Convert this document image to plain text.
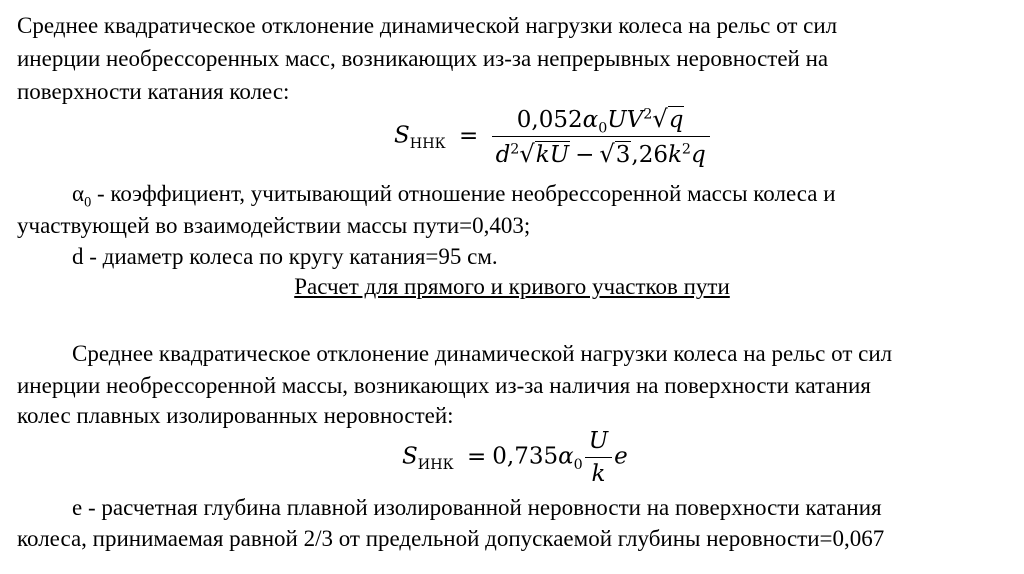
Среднее квадратическое отклонение динамической нагрузки колеса на рельс от сил
инерции необрессоренных масс, возникающих из-за непрерывных неровностей на
поверхности катания колес:
$S_{ННК} = \frac{0,052\alpha_0UV^2√q}{d^2√kU - √3,26k^2q}$
$\alpha_0$ - коэффициент, учитывающий отношение необрессоренной массы колеса и
участвующей во взаимодействии массы пути=0,403;
d - диаметр колеса по кругу катания=95 см.
Расчет для прямого и кривого участков пути
Среднее квадратическое отклонение динамической нагрузки колеса на рельс от сил
инерции необрессоренной массы, возникающих из-за наличия на поверхности катания
колес плавных изолированных неровностей:
$S_{ИНК} = 0,735\alpha_0 \frac{U}{k}$ e
e - расчетная глубина плавной изолированной неровности на поверхности катания
колеса, принимаемая равной 2/3 от предельной допускаемой глубины неровности=0,067
